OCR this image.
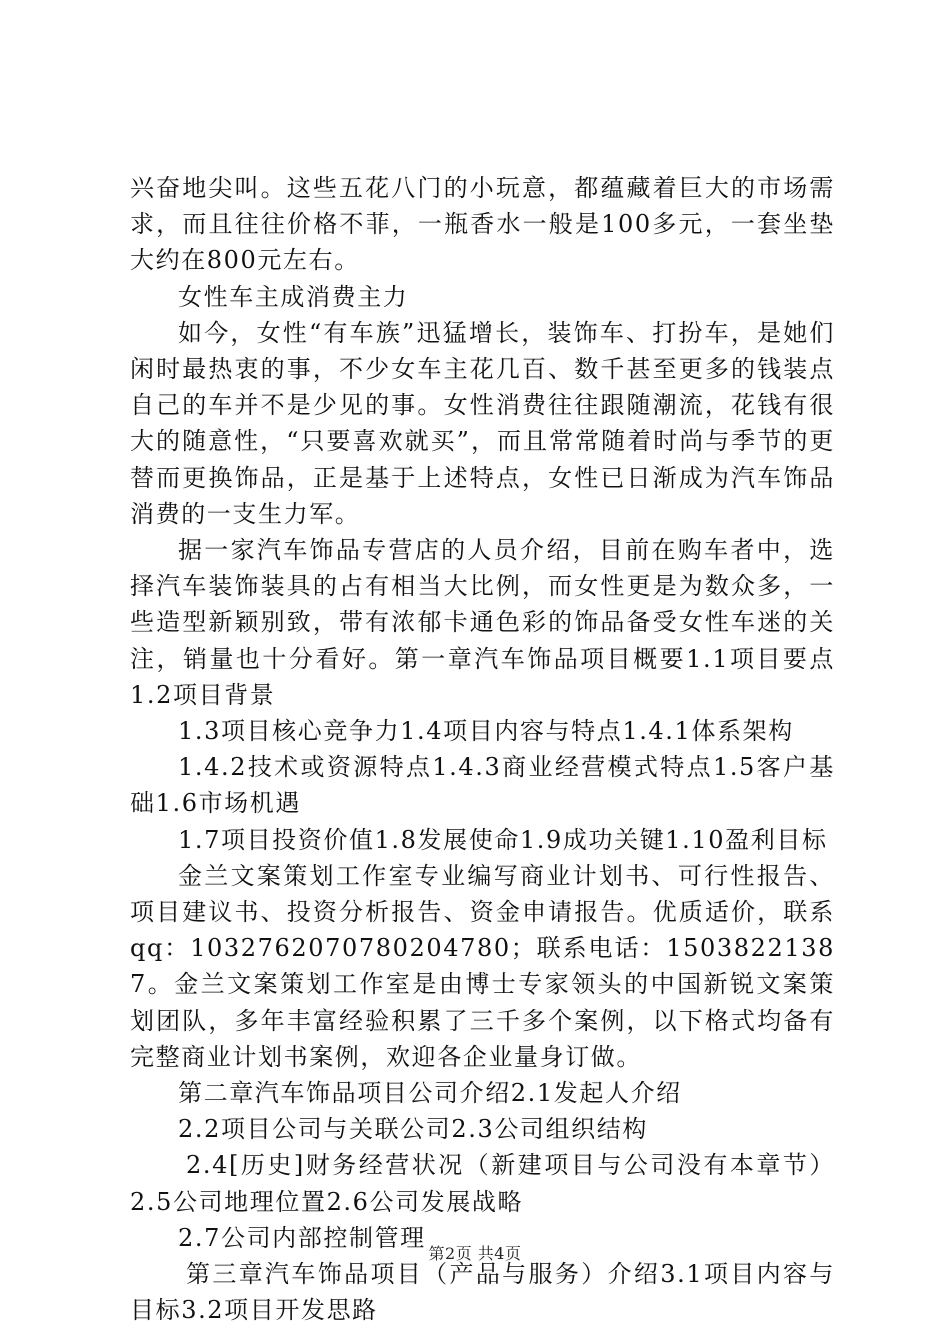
兴奋地尖叫。这些五花八门的小玩意，都蕴藏着巨大的市场需求，而且往往价格不菲，一瓶香水一般是100多元，一套坐垫大约在800元左右。

女性车主成消费主力

如今，女性“有车族”迅猛增长，装饰车、打扮车，是她们闲时最热衷的事，不少女车主花几百、数千甚至更多的钱装点自己的车并不是少见的事。女性消费往往跟随潮流，花钱有很大的随意性，“只要喜欢就买”，而且常常随着时尚与季节的更替而更换饰品，正是基于上述特点，女性已日渐成为汽车饰品消费的一支生力军。

据一家汽车饰品专营店的人员介绍，目前在购车者中，选择汽车装饰装具的占有相当大比例，而女性更是为数众多，一些造型新颖别致，带有浓郁卡通色彩的饰品备受女性车迷的关注，销量也十分看好。第一章汽车饰品项目概要1.1项目要点1.2项目背景

1.3项目核心竞争力1.4项目内容与特点1.4.1体系架构

1.4.2技术或资源特点1.4.3商业经营模式特点1.5客户基础1.6市场机遇

1.7项目投资价值1.8发展使命1.9成功关键1.10盈利目标

金兰文案策划工作室专业编写商业计划书、可行性报告、项目建议书、投资分析报告、资金申请报告。优质适价，联系qq：1032762070780204780；联系电话：15038221387。金兰文案策划工作室是由博士专家领头的中国新锐文案策划团队，多年丰富经验积累了三千多个案例，以下格式均备有完整商业计划书案例，欢迎各企业量身订做。

第二章汽车饰品项目公司介绍2.1发起人介绍

2.2项目公司与关联公司2.3公司组织结构

2.4[历史]财务经营状况（新建项目与公司没有本章节）2.5公司地理位置2.6公司发展战略

2.7公司内部控制管理

第三章汽车饰品项目（产品与服务）介绍3.1项目内容与目标3.2项目开发思路

第2页 共4页
